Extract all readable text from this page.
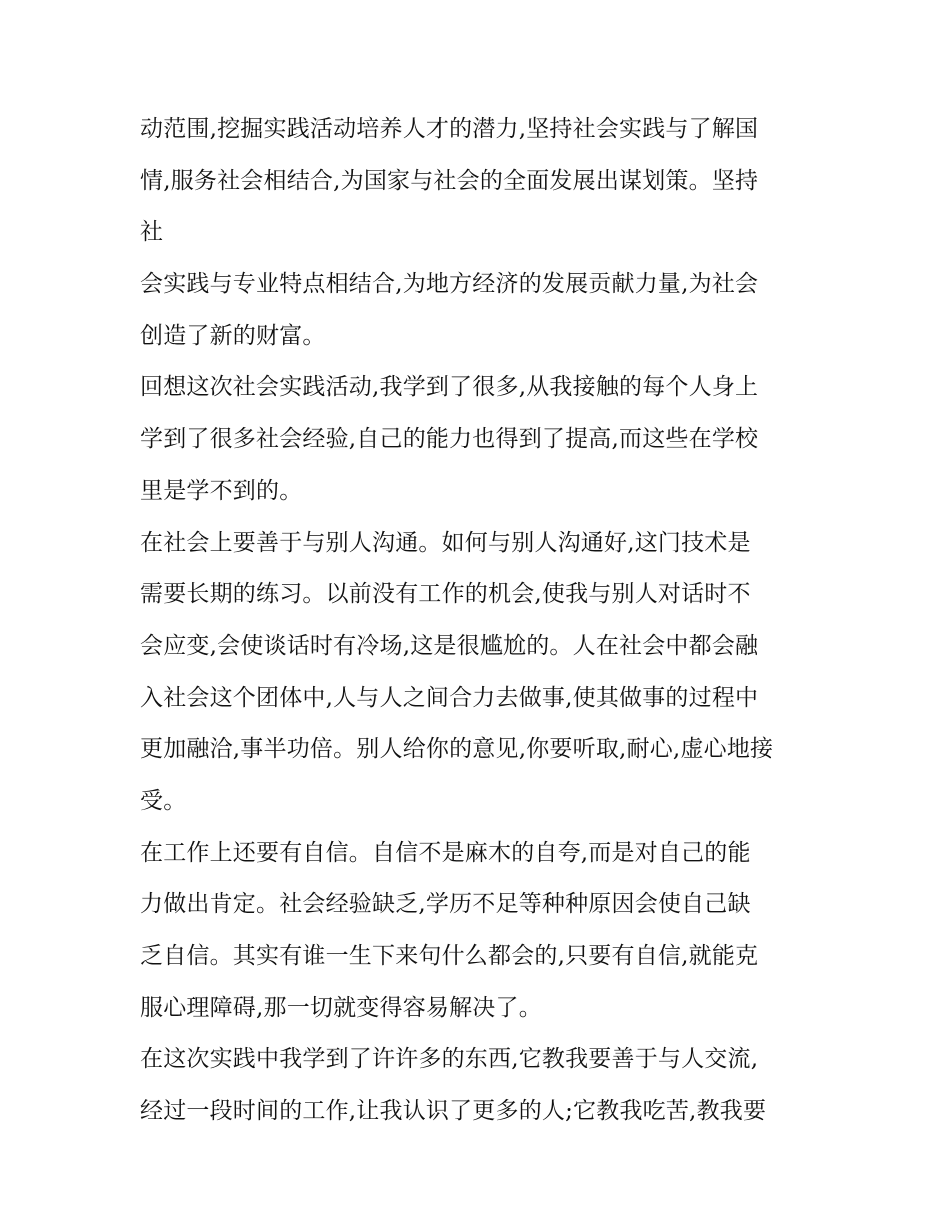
动范围,挖掘实践活动培养人才的潜力,坚持社会实践与了解国
情,服务社会相结合,为国家与社会的全面发展出谋划策。坚持
社
会实践与专业特点相结合,为地方经济的发展贡献力量,为社会
创造了新的财富。
回想这次社会实践活动,我学到了很多,从我接触的每个人身上
学到了很多社会经验,自己的能力也得到了提高,而这些在学校
里是学不到的。
在社会上要善于与别人沟通。如何与别人沟通好,这门技术是
需要长期的练习。以前没有工作的机会,使我与别人对话时不
会应变,会使谈话时有冷场,这是很尴尬的。人在社会中都会融
入社会这个团体中,人与人之间合力去做事,使其做事的过程中
更加融洽,事半功倍。别人给你的意见,你要听取,耐心,虚心地接
受。
在工作上还要有自信。自信不是麻木的自夸,而是对自己的能
力做出肯定。社会经验缺乏,学历不足等种种原因会使自己缺
乏自信。其实有谁一生下来句什么都会的,只要有自信,就能克
服心理障碍,那一切就变得容易解决了。
在这次实践中我学到了许许多的东西,它教我要善于与人交流,
经过一段时间的工作,让我认识了更多的人;它教我吃苦,教我要
